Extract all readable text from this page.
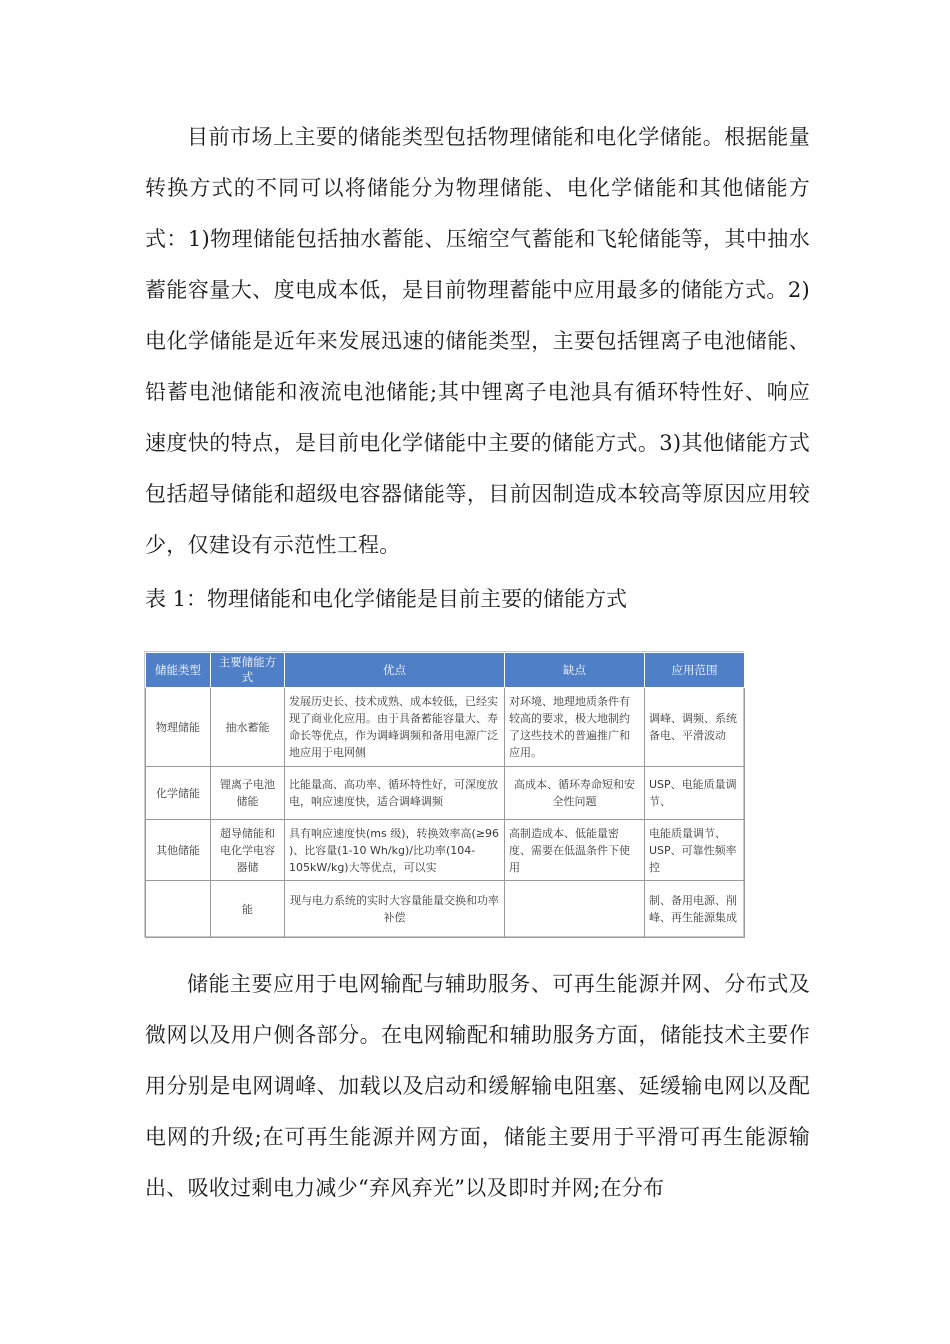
目前市场上主要的储能类型包括物理储能和电化学储能。根据能量转换方式的不同可以将储能分为物理储能、电化学储能和其他储能方式：1)物理储能包括抽水蓄能、压缩空气蓄能和飞轮储能等，其中抽水蓄能容量大、度电成本低，是目前物理蓄能中应用最多的储能方式。2)电化学储能是近年来发展迅速的储能类型，主要包括锂离子电池储能、铅蓄电池储能和液流电池储能;其中锂离子电池具有循环特性好、响应速度快的特点，是目前电化学储能中主要的储能方式。3)其他储能方式包括超导储能和超级电容器储能等，目前因制造成本较高等原因应用较少，仅建设有示范性工程。

表 1：物理储能和电化学储能是目前主要的储能方式

储能类型	主要储能方式	优点	缺点	应用范围
物理储能	抽水蓄能	发展历史长、技术成熟、成本较低，已经实现了商业化应用。由于具备蓄能容量大、寿命长等优点，作为调峰调频和备用电源广泛地应用于电网侧	对环境、地理地质条件有较高的要求，极大地制约了这些技术的普遍推广和应用。	调峰、调频、系统备电、平滑波动
化学储能	锂离子电池储能	比能量高、高功率、循环特性好，可深度放电，响应速度快，适合调峰调频	高成本、循环寿命短和安全性问题	USP、电能质量调节、
其他储能	超导储能和电化学电容器储	具有响应速度快(ms 级)，转换效率高(≥96 )、比容量(1-10 Wh/kg)/比功率(104-105kW/kg)大等优点，可以实	高制造成本、低能量密度、需要在低温条件下使用	电能质量调节、USP、可靠性频率控
	能	现与电力系统的实时大容量能量交换和功率补偿		制、备用电源、削峰、再生能源集成

储能主要应用于电网输配与辅助服务、可再生能源并网、分布式及微网以及用户侧各部分。在电网输配和辅助服务方面，储能技术主要作用分别是电网调峰、加载以及启动和缓解输电阻塞、延缓输电网以及配电网的升级;在可再生能源并网方面，储能主要用于平滑可再生能源输出、吸收过剩电力减少“弃风弃光”以及即时并网;在分布
